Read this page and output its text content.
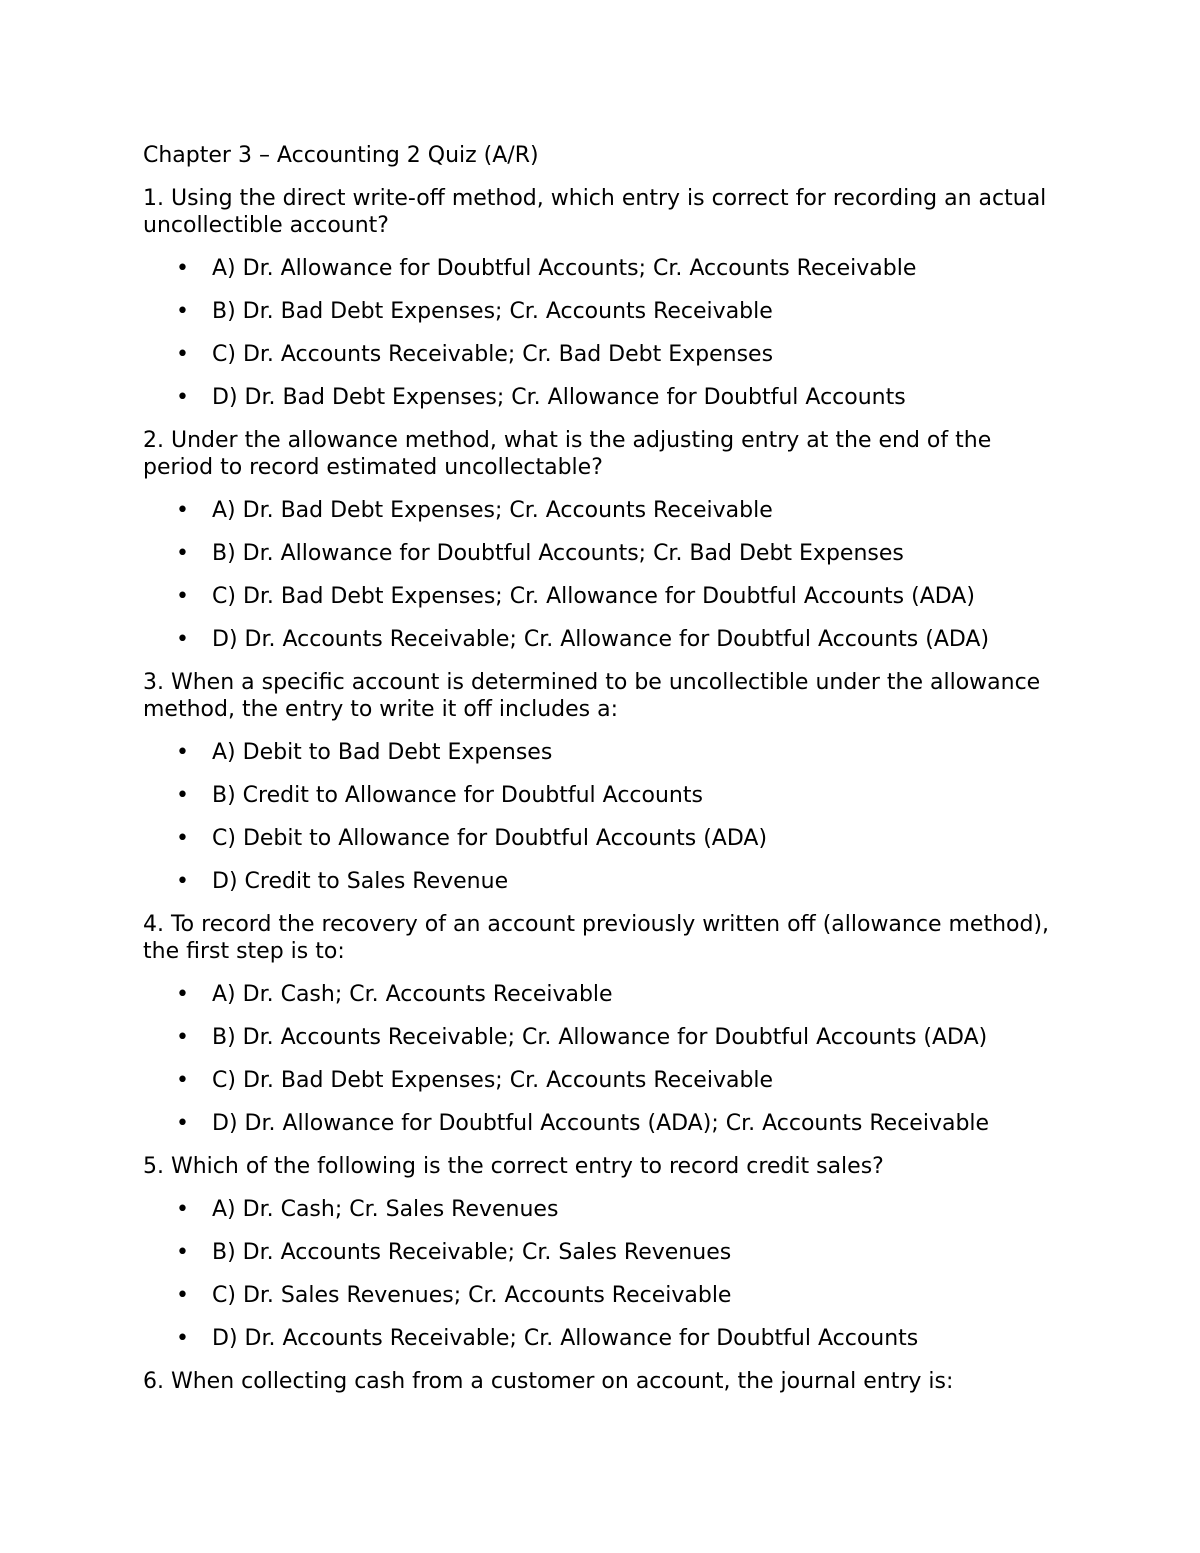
Chapter 3 – Accounting 2 Quiz (A/R)

1. Using the direct write-off method, which entry is correct for recording an actual uncollectible account?

• A) Dr. Allowance for Doubtful Accounts; Cr. Accounts Receivable
• B) Dr. Bad Debt Expenses; Cr. Accounts Receivable
• C) Dr. Accounts Receivable; Cr. Bad Debt Expenses
• D) Dr. Bad Debt Expenses; Cr. Allowance for Doubtful Accounts

2. Under the allowance method, what is the adjusting entry at the end of the period to record estimated uncollectable?

• A) Dr. Bad Debt Expenses; Cr. Accounts Receivable
• B) Dr. Allowance for Doubtful Accounts; Cr. Bad Debt Expenses
• C) Dr. Bad Debt Expenses; Cr. Allowance for Doubtful Accounts (ADA)
• D) Dr. Accounts Receivable; Cr. Allowance for Doubtful Accounts (ADA)

3. When a specific account is determined to be uncollectible under the allowance method, the entry to write it off includes a:

• A) Debit to Bad Debt Expenses
• B) Credit to Allowance for Doubtful Accounts
• C) Debit to Allowance for Doubtful Accounts (ADA)
• D) Credit to Sales Revenue

4. To record the recovery of an account previously written off (allowance method), the first step is to:

• A) Dr. Cash; Cr. Accounts Receivable
• B) Dr. Accounts Receivable; Cr. Allowance for Doubtful Accounts (ADA)
• C) Dr. Bad Debt Expenses; Cr. Accounts Receivable
• D) Dr. Allowance for Doubtful Accounts (ADA); Cr. Accounts Receivable

5. Which of the following is the correct entry to record credit sales?

• A) Dr. Cash; Cr. Sales Revenues
• B) Dr. Accounts Receivable; Cr. Sales Revenues
• C) Dr. Sales Revenues; Cr. Accounts Receivable
• D) Dr. Accounts Receivable; Cr. Allowance for Doubtful Accounts

6. When collecting cash from a customer on account, the journal entry is:
